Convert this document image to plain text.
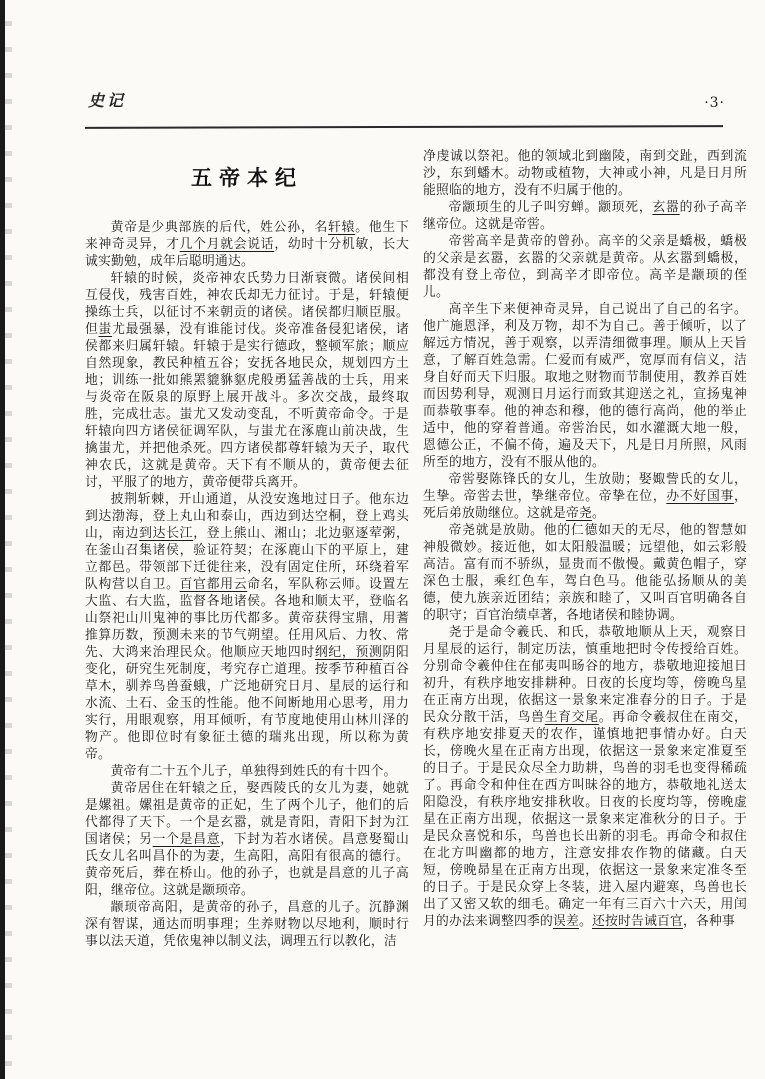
史记	·3·
五帝本纪

黄帝是少典部族的后代，姓公孙，名轩辕。他生下来神奇灵异，才几个月就会说话，幼时十分机敏，长大诚实勤勉，成年后聪明通达。

轩辕的时候，炎帝神农氏势力日渐衰微。诸侯间相互侵伐，残害百姓，神农氏却无力征讨。于是，轩辕便操练士兵，以征讨不来朝贡的诸侯。诸侯都归顺臣服。但蚩尤最强暴，没有谁能讨伐。炎帝准备侵犯诸侯，诸侯都来归属轩辕。轩辕于是实行德政，整顿军旅；顺应自然现象，教民种植五谷；安抚各地民众，规划四方土地；训练一批如熊罴貔貅䝙虎般勇猛善战的士兵，用来与炎帝在阪泉的原野上展开战斗。多次交战，最终取胜，完成壮志。蚩尤又发动变乱，不听黄帝命令。于是轩辕向四方诸侯征调军队，与蚩尤在涿鹿山前决战，生擒蚩尤，并把他杀死。四方诸侯都尊轩辕为天子，取代神农氏，这就是黄帝。天下有不顺从的，黄帝便去征讨，平服了的地方，黄帝便带兵离开。

披荆斩棘，开山通道，从没安逸地过日子。他东边到达渤海，登上丸山和泰山，西边到达空桐，登上鸡头山，南边到达长江，登上熊山、湘山；北边驱逐荤粥，在釜山召集诸侯，验证符契；在涿鹿山下的平原上，建立都邑。带领部下迁徙往来，没有固定住所，环绕着军队构营以自卫。百官都用云命名，军队称云师。设置左大监、右大监，监督各地诸侯。各地和顺太平，登临名山祭祀山川鬼神的事比历代都多。黄帝获得宝鼎，用蓍推算历数，预测未来的节气朔望。任用风后、力牧、常先、大鸿来治理民众。他顺应天地四时纲纪，预测阴阳变化，研究生死制度，考究存亡道理。按季节种植百谷草木，驯养鸟兽蚕蛾，广泛地研究日月、星辰的运行和水流、土石、金玉的性能。他不间断地用心思考，用力实行，用眼观察，用耳倾听，有节度地使用山林川泽的物产。他即位时有象征土德的瑞兆出现，所以称为黄帝。

黄帝有二十五个儿子，单独得到姓氏的有十四个。

黄帝居住在轩辕之丘，娶西陵氏的女儿为妻，她就是嫘祖。嫘祖是黄帝的正妃，生了两个儿子，他们的后代都得了天下。一个是玄嚣，就是青阳，青阳下封为江国诸侯；另一个是昌意，下封为若水诸侯。昌意娶蜀山氏女儿名叫昌仆的为妻，生高阳，高阳有很高的德行。黄帝死后，葬在桥山。他的孙子，也就是昌意的儿子高阳，继帝位。这就是颛顼帝。

颛顼帝高阳，是黄帝的孙子，昌意的儿子。沉静渊深有智谋，通达而明事理；生养财物以尽地利，顺时行事以法天道，凭依鬼神以制义法，调理五行以教化，洁

净虔诚以祭祀。他的领域北到幽陵，南到交趾，西到流沙，东到蟠木。动物或植物，大神或小神，凡是日月所能照临的地方，没有不归属于他的。

帝颛顼生的儿子叫穷蝉。颛顼死，玄嚣的孙子高辛继帝位。这就是帝喾。

帝喾高辛是黄帝的曾孙。高辛的父亲是蟜极，蟜极的父亲是玄嚣，玄嚣的父亲就是黄帝。从玄嚣到蟜极，都没有登上帝位，到高辛才即帝位。高辛是颛顼的侄儿。

高辛生下来便神奇灵异，自己说出了自己的名字。他广施恩泽，利及万物，却不为自己。善于倾听，以了解远方情况，善于观察，以弄清细微事理。顺从上天旨意，了解百姓急需。仁爱而有威严，宽厚而有信义，洁身自好而天下归服。取地之财物而节制使用，教养百姓而因势利导，观测日月运行而致其迎送之礼，宣扬鬼神而恭敬事奉。他的神态和穆，他的德行高尚，他的举止适中，他的穿着普通。帝喾治民，如水灌溉大地一般，恩德公正，不偏不倚，遍及天下，凡是日月所照，风雨所至的地方，没有不服从他的。

帝喾娶陈锋氏的女儿，生放勋；娶娵訾氏的女儿，生挚。帝喾去世，挚继帝位。帝挚在位，办不好国事，死后弟放勋继位。这就是帝尧。

帝尧就是放勋。他的仁德如天的无尽，他的智慧如神般微妙。接近他，如太阳般温暖；远望他，如云彩般高洁。富有而不骄纵，显贵而不傲慢。戴黄色帽子，穿深色士服，乘红色车，驾白色马。他能弘扬顺从的美德，使九族亲近团结；亲族和睦了，又叫百官明确各自的职守；百官治绩卓著，各地诸侯和睦协调。

尧于是命令羲氏、和氏，恭敬地顺从上天，观察日月星辰的运行，制定历法，慎重地把时令传授给百姓。分别命令羲仲住在郁夷叫旸谷的地方，恭敬地迎接旭日初升，有秩序地安排耕种。日夜的长度均等，傍晚鸟星在正南方出现，依据这一景象来定准春分的日子。于是民众分散干活，鸟兽生育交尾。再命令羲叔住在南交，有秩序地安排夏天的农作，谨慎地把事情办好。白天长，傍晚火星在正南方出现，依据这一景象来定准夏至的日子。于是民众尽全力助耕，鸟兽的羽毛也变得稀疏了。再命令和仲住在西方叫昧谷的地方，恭敬地礼送太阳隐没，有秩序地安排秋收。日夜的长度均等，傍晚虚星在正南方出现，依据这一景象来定准秋分的日子。于是民众喜悦和乐，鸟兽也长出新的羽毛。再命令和叔住在北方叫幽都的地方，注意安排农作物的储藏。白天短，傍晚昴星在正南方出现，依据这一景象来定准冬至的日子。于是民众穿上冬装，进入屋内避寒，鸟兽也长出了又密又软的细毛。确定一年有三百六十六天，用闰月的办法来调整四季的误差。还按时告诫百官，各种事
